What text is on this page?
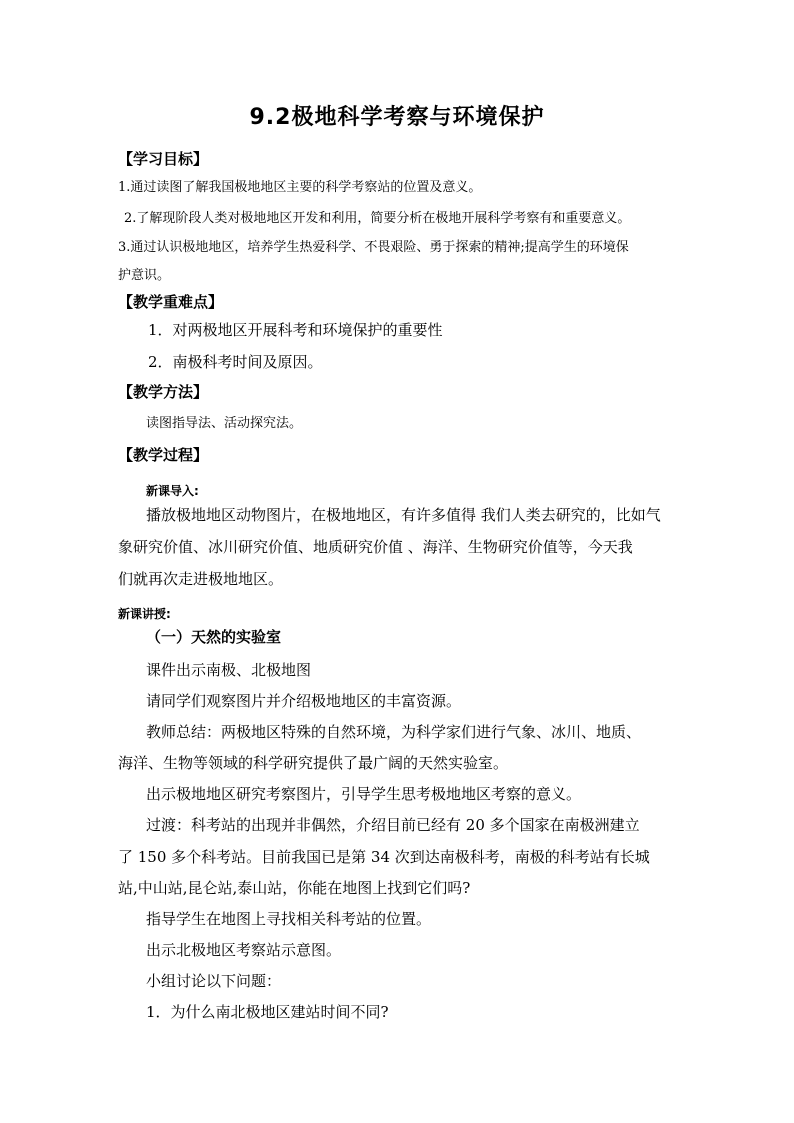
9.2极地科学考察与环境保护
【学习目标】
1.通过读图了解我国极地地区主要的科学考察站的位置及意义。
2.了解现阶段人类对极地地区开发和利用，简要分析在极地开展科学考察有和重要意义。
3.通过认识极地地区，培养学生热爱科学、不畏艰险、勇于探索的精神;提高学生的环境保
护意识。
【教学重难点】
1．对两极地区开展科考和环境保护的重要性
2．南极科考时间及原因。
【教学方法】
读图指导法、活动探究法。
【教学过程】
新课导入:
播放极地地区动物图片，在极地地区，有许多值得 我们人类去研究的，比如气
象研究价值、冰川研究价值、地质研究价值 、海洋、生物研究价值等，今天我
们就再次走进极地地区。
新课讲授:
（一）天然的实验室
课件出示南极、北极地图
请同学们观察图片并介绍极地地区的丰富资源。
教师总结：两极地区特殊的自然环境，为科学家们进行气象、冰川、地质、
海洋、生物等领域的科学研究提供了最广阔的天然实验室。
出示极地地区研究考察图片，引导学生思考极地地区考察的意义。
过渡：科考站的出现并非偶然，介绍目前已经有 20 多个国家在南极洲建立
了 150 多个科考站。目前我国已是第 34 次到达南极科考，南极的科考站有长城
站,中山站,昆仑站,泰山站，你能在地图上找到它们吗?
指导学生在地图上寻找相关科考站的位置。
出示北极地区考察站示意图。
小组讨论以下问题：
1．为什么南北极地区建站时间不同?
